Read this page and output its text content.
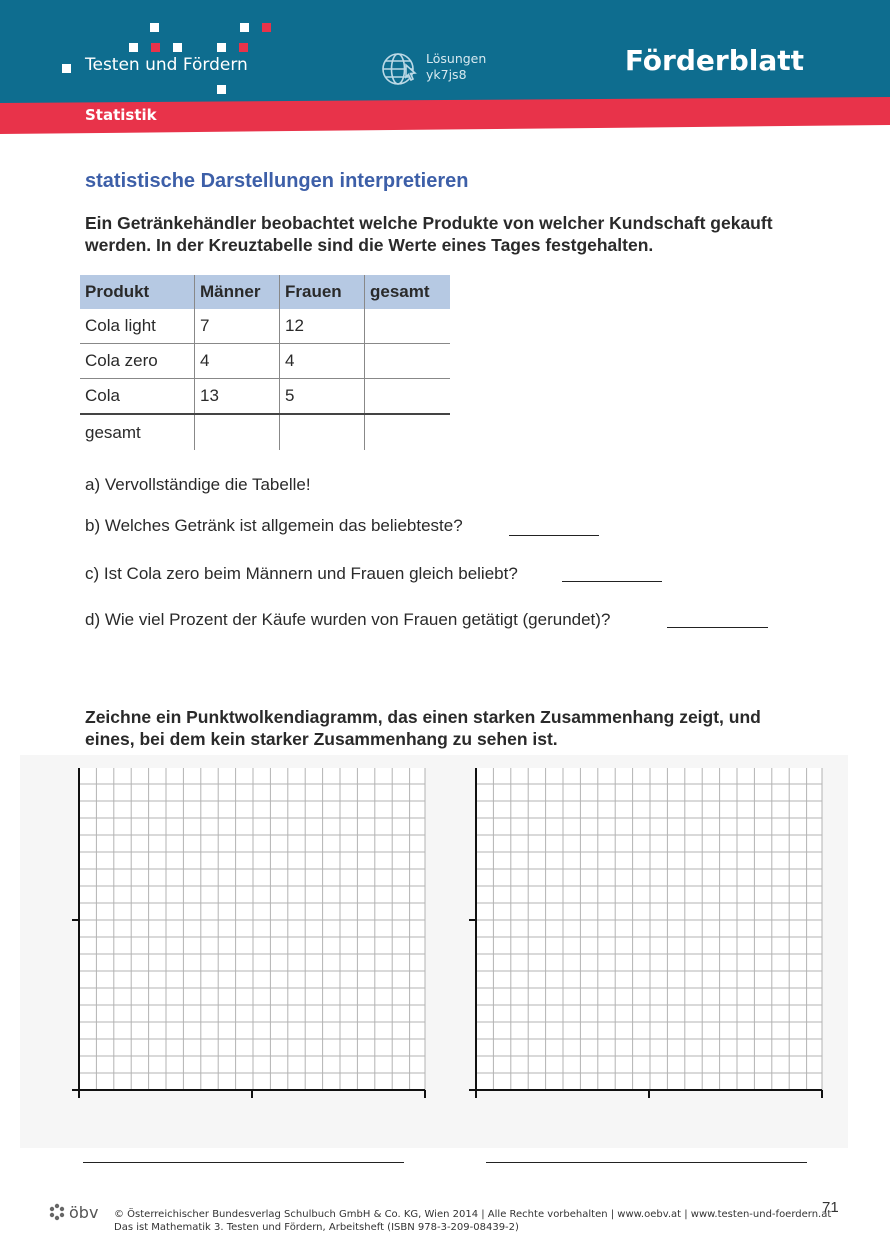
Testen und Fördern	Lösungen
yk7js8	Förderblatt
Statistik
statistische Darstellungen interpretieren
Ein Getränkehändler beobachtet welche Produkte von welcher Kundschaft gekauft werden. In der Kreuztabelle sind die Werte eines Tages festgehalten.
Produkt	Männer	Frauen	gesamt
Cola light	7	12	
Cola zero	4	4	
Cola	13	5	
gesamt			
a) Vervollständige die Tabelle!
b) Welches Getränk ist allgemein das beliebteste?
c) Ist Cola zero beim Männern und Frauen gleich beliebt?
d) Wie viel Prozent der Käufe wurden von Frauen getätigt (gerundet)?
Zeichne ein Punktwolkendiagramm, das einen starken Zusammenhang zeigt, und eines, bei dem kein starker Zusammenhang zu sehen ist.
öbv © Österreichischer Bundesverlag Schulbuch GmbH & Co. KG, Wien 2014 | Alle Rechte vorbehalten | www.oebv.at | www.testen-und-foerdern.at
Das ist Mathematik 3. Testen und Fördern, Arbeitsheft (ISBN 978-3-209-08439-2)
71
